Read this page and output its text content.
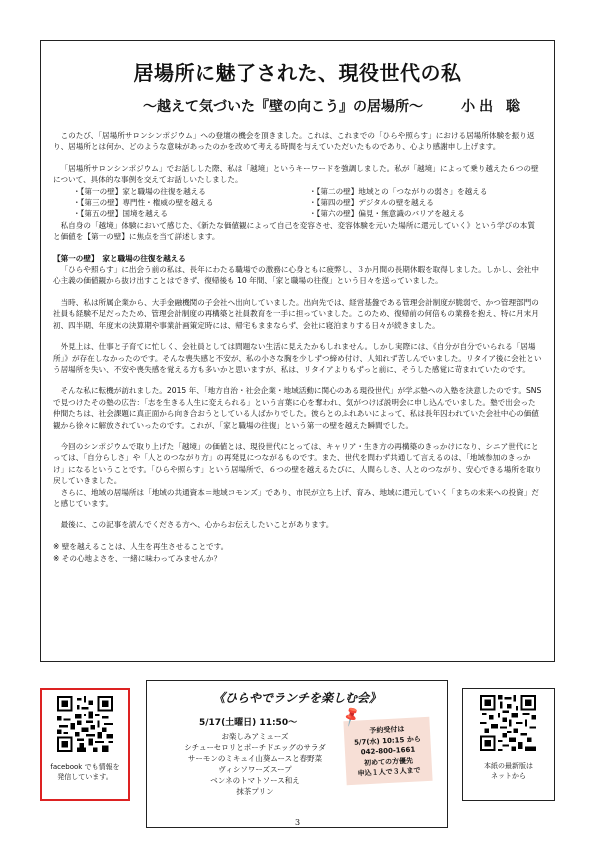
居場所に魅了された、現役世代の私
～越えて気づいた『壁の向こう』の居場所～	小出 聡

このたび、「居場所サロンシンポジウム」への登壇の機会を頂きました。これは、これまでの「ひらや照らす」における居場所体験を振り返り、居場所とは何か、どのような意味があったのかを改めて考える時間を与えていただいたものであり、心より感謝申し上げます。

「居場所サロンシンポジウム」でお話しした際、私は「越境」というキーワードを強調しました。私が「越境」によって乗り越えた６つの壁について、具体的な事例を交えてお話しいたしました。

・【第一の壁】家と職場の往復を越える	・【第二の壁】地域との「つながりの弱さ」を越える
・【第三の壁】専門性・権威の壁を越える	・【第四の壁】デジタルの壁を越える
・【第五の壁】国境を越える	・【第六の壁】偏見・無意識のバリアを越える

私自身の「越境」体験において感じた、《新たな価値観によって自己を変容させ、変容体験を元いた場所に還元していく》という学びの本質と価値を【第一の壁】に焦点を当て詳述します。

【第一の壁】　家と職場の往復を越える

「ひらや照らす」に出会う前の私は、長年にわたる職場での激務に心身ともに疲弊し、３か月間の長期休暇を取得しました。しかし、会社中心主義の価値観から抜け出すことはできず、復帰後も 10 年間、「家と職場の往復」という日々を送っていました。

当時、私は所属企業から、大手金融機関の子会社へ出向していました。出向先では、経営基盤である管理会計制度が脆弱で、かつ管理部門の社員も経験不足だったため、管理会計制度の再構築と社員教育を一手に担っていました。このため、復帰前の何倍もの業務を抱え、特に月末月初、四半期、年度末の決算期や事業計画策定時には、帰宅もままならず、会社に寝泊まりする日々が続きました。

外見上は、仕事と子育てに忙しく、会社員としては問題ない生活に見えたかもしれません。しかし実際には、《自分が自分でいられる「居場所」》が存在しなかったのです。そんな喪失感と不安が、私の小さな胸を少しずつ締め付け、人知れず苦しんでいました。リタイア後に会社という居場所を失い、不安や喪失感を覚える方も多いかと思いますが、私は、リタイアよりもずっと前に、そうした感覚に苛まれていたのです。

そんな私に転機が訪れました。2015 年、「地方自治・社会企業・地域活動に関心のある現役世代」が学ぶ塾への入塾を決意したのです。SNS で見つけたその塾の広告：「志を生きる人生に変えられる」という言葉に心を奪われ、気がつけば説明会に申し込んでいました。塾で出会った仲間たちは、社会課題に真正面から向き合おうとしている人ばかりでした。彼らとのふれあいによって、私は長年囚われていた会社中心の価値観から徐々に解放されていったのです。これが、「家と職場の往復」という第一の壁を越えた瞬間でした。

今回のシンポジウムで取り上げた「越境」の価値とは、現役世代にとっては、キャリア・生き方の再構築のきっかけになり、シニア世代にとっては、「自分らしさ」や「人とのつながり方」の再発見につながるものです。また、世代を問わず共通して言えるのは、「地域参加のきっかけ」になるということです。「ひらや照らす」という居場所で、６つの壁を越えるたびに、人間らしさ、人とのつながり、安心できる場所を取り戻していきました。

さらに、地域の居場所は「地域の共通資本＝地域コモンズ」であり、市民が立ち上げ、育み、地域に還元していく「まちの未来への投資」だと感じています。

最後に、この記事を読んでくださる方へ、心からお伝えしたいことがあります。

※ 壁を越えることは、人生を再生させることです。

※ その心地よさを、一緒に味わってみませんか？

facebook でも情報を
発信しています。
《ひらやでランチを楽しむ会》
5/17(土曜日) 11:50～
お楽しみアミューズ
シチューセロリとポーチドエッグのサラダ
サーモンのミキュイ山葵ムースと春野菜
ヴィシソワーズスープ
ベンネのトマトソース和え
抹茶プリン
予約受付は
5/7(水) 10:15 から
042-800-1661
初めての方優先
申込１人で３人まで
📌
本紙の最新版は
ネットから
3
